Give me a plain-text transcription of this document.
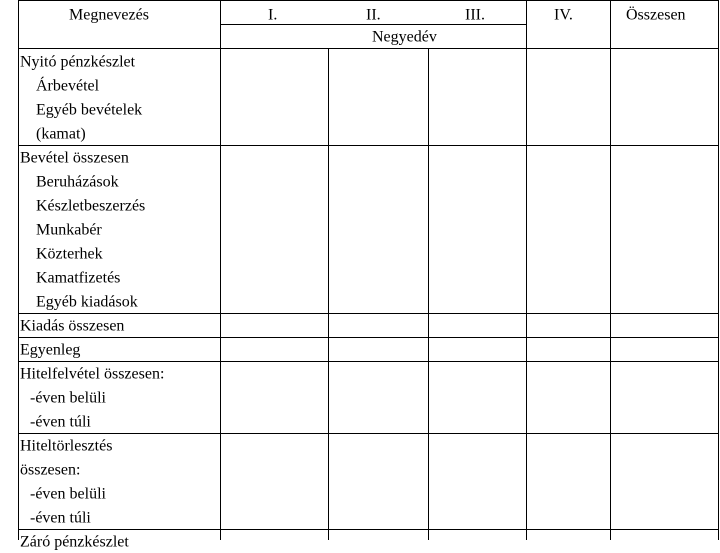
Megnevezés	I.	II.	III. IV. Összesen
Negyedév
Nyitó pénzkészlet
Árbevétel
Egyéb bevételek
(kamat)
Bevétel összesen
Beruházások
Készletbeszerzés
Munkabér
Közterhek
Kamatfizetés
Egyéb kiadások
Kiadás összesen
Egyenleg
Hitelfelvétel összesen:
-éven belüli
-éven túli
Hiteltörlesztés
összesen:
-éven belüli
-éven túli
Záró pénzkészlet
